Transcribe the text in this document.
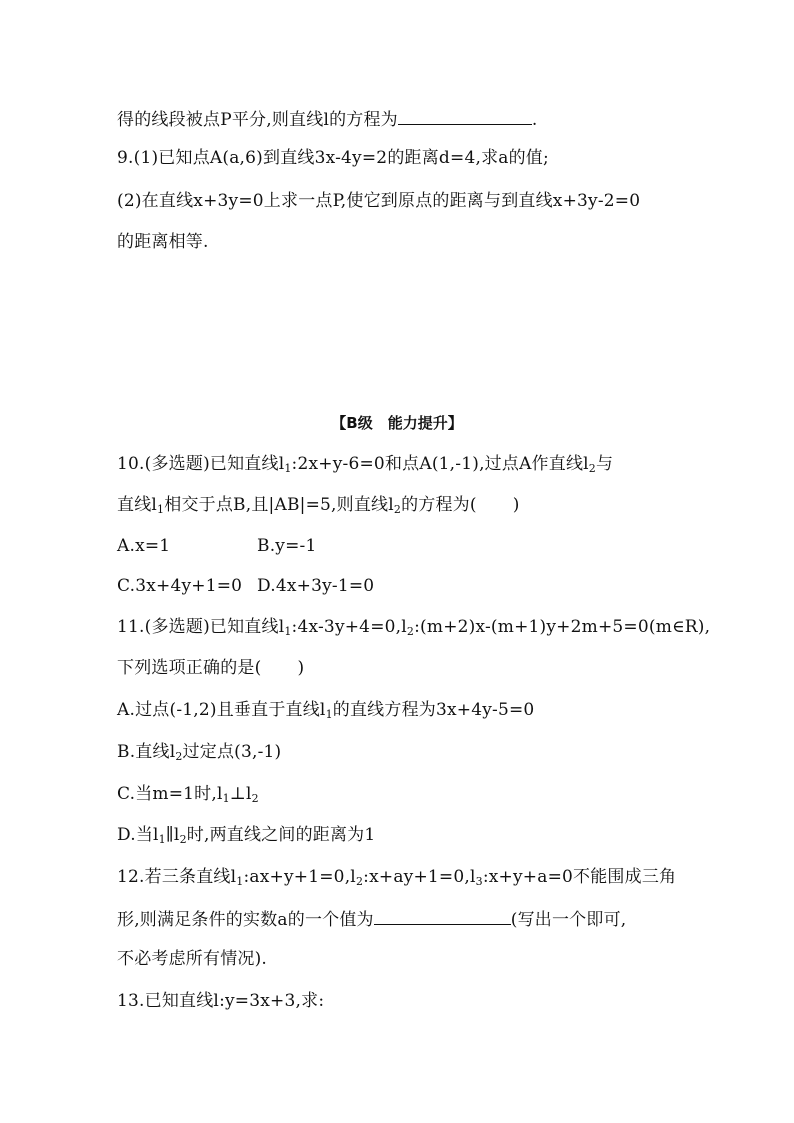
得的线段被点P平分,则直线l的方程为	.
9.(1)已知点A(a,6)到直线3x-4y=2的距离d=4,求a的值;
(2)在直线x+3y=0上求一点P,使它到原点的距离与到直线x+3y-2=0
的距离相等.
【B级　能力提升】
10.(多选题)已知直线$l_1:2x+y-6=0$和点A(1,-1),过点A作直线$l_2$与
直线$l_1$相交于点B,且|AB|=5,则直线$l_2$的方程为( )
A.x=1	B.y=-1
C.3x+4y+1=0 D.4x+3y-1=0
11.(多选题)已知直线$l_1:4x-3y+4=0,l_2:(m+2)x-(m+1)y+2m+5=0(m\in R)$,
下列选项正确的是( )
A.过点(-1,2)且垂直于直线$l_1$的直线方程为3x+4y-5=0
B.直线$l_2$过定点(3,-1)
C.当m=1时$,l_1\perp l_2$
D.当$l_1\parallel l_2$时,两直线之间的距离为1
12.若三条直线$l_1:ax+y+1=0,l_2:x+ay+1=0,l_3:x+y+a=0$不能围成三角
形,则满足条件的实数a的一个值为	(写出一个即可,
不必考虑所有情况).
13.已知直线l:y=3x+3,求:
